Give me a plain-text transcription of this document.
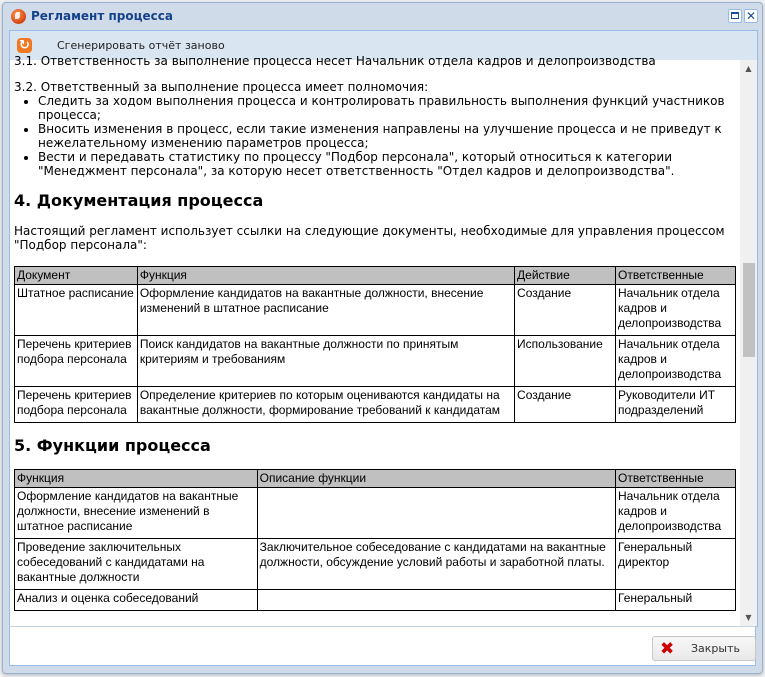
Регламент процесса	✕
↻ Сгенерировать отчёт заново

3.1. Ответственность за выполнение процесса несет Начальник отдела кадров и делопроизводства

3.2. Ответственный за выполнение процесса имеет полномочия:

• Следить за ходом выполнения процесса и контролировать правильность выполнения функций участников процесса;
• Вносить изменения в процесс, если такие изменения направлены на улучшение процесса и не приведут к нежелательному изменению параметров процесса;
• Вести и передавать статистику по процессу "Подбор персонала", который относиться к категории "Менеджмент персонала", за которую несет ответственность "Отдел кадров и делопроизводства".
4. Документация процесса

Настоящий регламент использует ссылки на следующие документы, необходимые для управления процессом "Подбор персонала":

Документ	Функция	Действие	Ответственные
Штатное расписание	Оформление кандидатов на вакантные должности, внесение изменений в штатное расписание	Создание	Начальник отдела кадров и делопроизводства
Перечень критериев подбора персонала	Поиск кандидатов на вакантные должности по принятым критериям и требованиям	Использование	Начальник отдела кадров и делопроизводства
Перечень критериев подбора персонала	Определение критериев по которым оцениваются кандидаты на вакантные должности, формирование требований к кандидатам	Создание	Руководители ИТ подразделений
5. Функции процесса
Функция	Описание функции	Ответственные
Оформление кандидатов на вакантные должности, внесение изменений в штатное расписание		Начальник отдела кадров и делопроизводства
Проведение заключительных собеседований с кандидатами на вакантные должности	Заключительное собеседование с кандидатами на вакантные должности, обсуждение условий работы и заработной платы.	Генеральный директор
Анализ и оценка собеседований		Генеральный
▲
▼
✖ Закрыть
